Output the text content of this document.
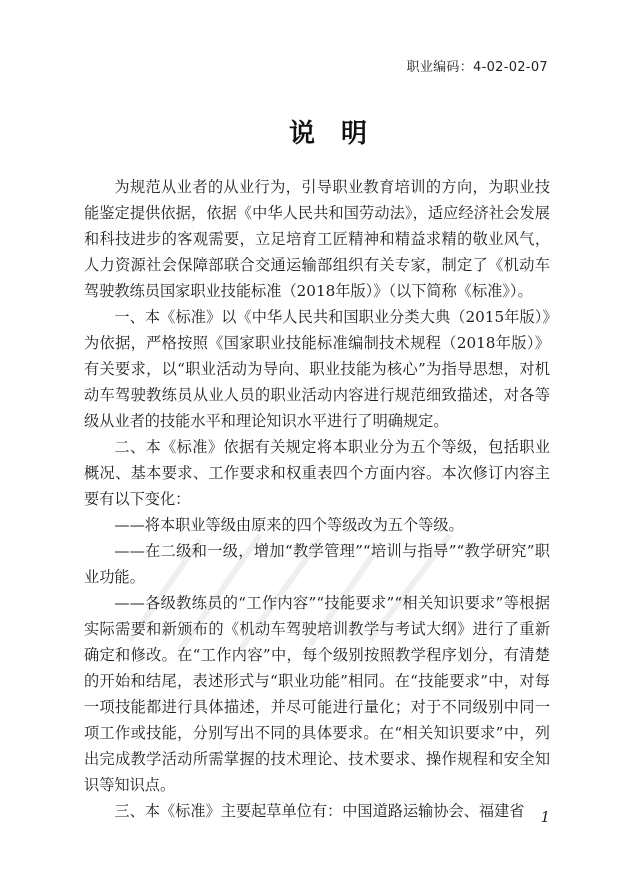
职业编码：4-02-02-07
说明

为规范从业者的从业行为，引导职业教育培训的方向，为职业技能鉴定提供依据，依据《中华人民共和国劳动法》，适应经济社会发展和科技进步的客观需要，立足培育工匠精神和精益求精的敬业风气，人力资源社会保障部联合交通运输部组织有关专家，制定了《机动车驾驶教练员国家职业技能标准（2018年版）》（以下简称《标准》）。

一、本《标准》以《中华人民共和国职业分类大典（2015年版）》为依据，严格按照《国家职业技能标准编制技术规程（2018年版）》有关要求，以“职业活动为导向、职业技能为核心”为指导思想，对机动车驾驶教练员从业人员的职业活动内容进行规范细致描述，对各等级从业者的技能水平和理论知识水平进行了明确规定。

二、本《标准》依据有关规定将本职业分为五个等级，包括职业概况、基本要求、工作要求和权重表四个方面内容。本次修订内容主要有以下变化：

——将本职业等级由原来的四个等级改为五个等级。

——在二级和一级，增加“教学管理”“培训与指导”“教学研究”职业功能。

——各级教练员的“工作内容”“技能要求”“相关知识要求”等根据实际需要和新颁布的《机动车驾驶培训教学与考试大纲》进行了重新确定和修改。在“工作内容”中，每个级别按照教学程序划分，有清楚的开始和结尾，表述形式与“职业功能”相同。在“技能要求”中，对每一项技能都进行具体描述，并尽可能进行量化；对于不同级别中同一项工作或技能，分别写出不同的具体要求。在“相关知识要求”中，列出完成教学活动所需掌握的技术理论、技术要求、操作规程和安全知识等知识点。

三、本《标准》主要起草单位有：中国道路运输协会、福建省	1
